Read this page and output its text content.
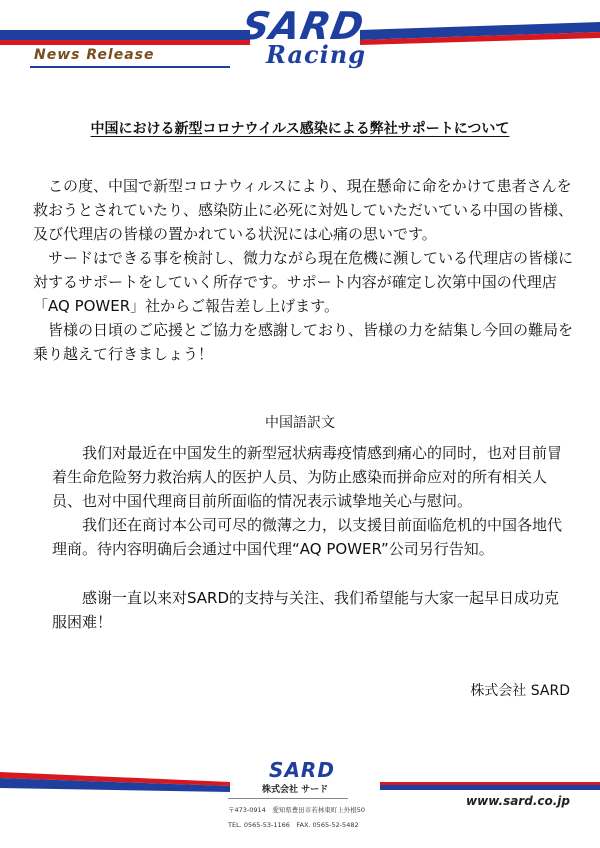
SARD
Racing
News Release
中国における新型コロナウイルス感染による弊社サポートについて

この度、中国で新型コロナウィルスにより、現在懸命に命をかけて患者さんを救おうとされていたり、感染防止に必死に対処していただいている中国の皆様、及び代理店の皆様の置かれている状況には心痛の思いです。

サードはできる事を検討し、微力ながら現在危機に瀕している代理店の皆様に対するサポートをしていく所存です。サポート内容が確定し次第中国の代理店「AQ POWER」社からご報告差し上げます。

皆様の日頃のご応援とご協力を感謝しており、皆様の力を結集し今回の難局を乗り越えて行きましょう！

中国語訳文

我们对最近在中国发生的新型冠状病毒疫情感到痛心的同时，也对目前冒着生命危险努力救治病人的医护人员、为防止感染而拼命应对的所有相关人员、也对中国代理商目前所面临的情况表示诚挚地关心与慰问。

我们还在商讨本公司可尽的微薄之力，以支援目前面临危机的中国各地代理商。待内容明确后会通过中国代理“AQ POWER”公司另行告知。

感谢一直以来对SARD的支持与关注、我们希望能与大家一起早日成功克服困难！

株式会社 SARD
SARD
株式会社 サード
〒473-0914　愛知県豊田市若林東町上外根50
TEL. 0565-53-1166　FAX. 0565-52-5482
www.sard.co.jp
